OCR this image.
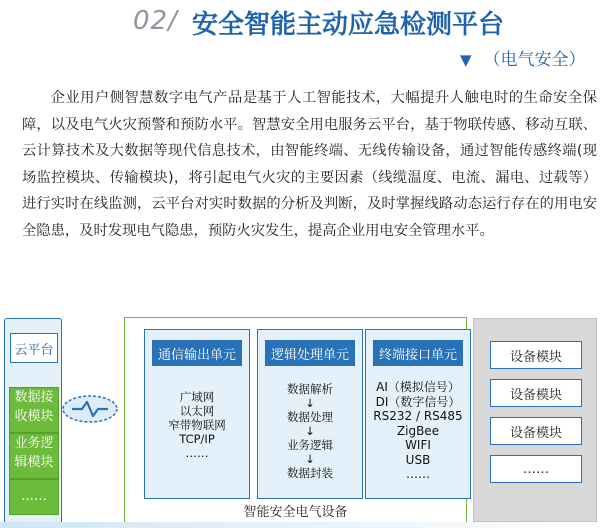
02/ 安全智能主动应急检测平台
▼ （电气安全）
企业用户侧智慧数字电气产品是基于人工智能技术，大幅提升人触电时的生命安全保障，以及电气火灾预警和预防水平。智慧安全用电服务云平台，基于物联传感、移动互联、云计算技术及大数据等现代信息技术，由智能终端、无线传输设备，通过智能传感终端(现场监控模块、传输模块)，将引起电气火灾的主要因素（线缆温度、电流、漏电、过载等）进行实时在线监测，云平台对实时数据的分析及判断，及时掌握线路动态运行存在的用电安全隐患，及时发现电气隐患，预防火灾发生，提高企业用电安全管理水平。
云平台
数据接收模块
业务逻辑模块
……
通信输出单元
广域网
以太网
窄带物联网
TCP/IP
……
逻辑处理单元
数据解析
↓
数据处理
↓
业务逻辑
↓
数据封装
终端接口单元
AI（模拟信号）
DI（数字信号）
RS232 / RS485
ZigBee
WIFI
USB
……
智能安全电气设备
设备模块
设备模块
设备模块
……
